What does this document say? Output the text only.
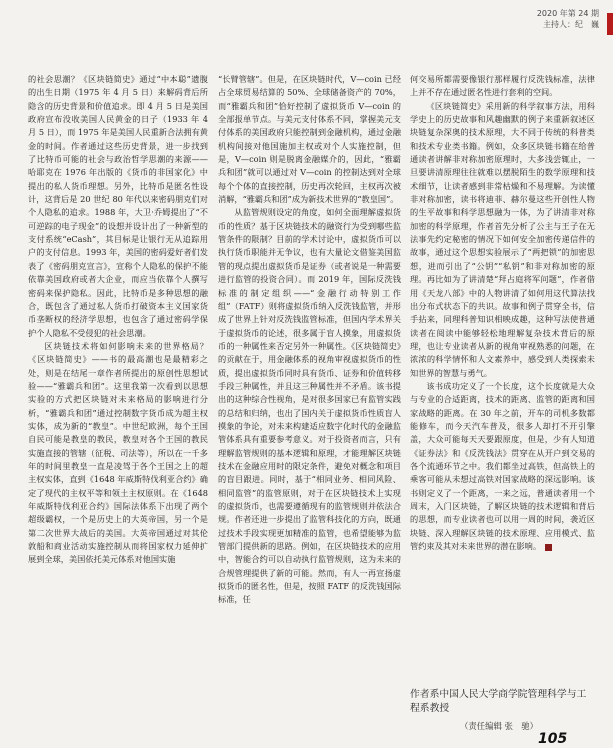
2020 年第 24 期
主持人：纪　巍

的社会思潮？《区块链简史》通过“中本聪”遗腹的出生日期（1975 年 4 月 5 日）来解码背后所隐含的历史背景和价值追求。即 4 月 5 日是美国政府宣布没收美国人民黄金的日子（1933 年 4 月 5 日），而 1975 年是美国人民重新合法拥有黄金的时间。作者通过这些历史背景，进一步找到了比特币可能的社会与政治哲学思潮的来源——哈耶克在 1976 年出版的《货币的非国家化》中提出的私人货币理想。另外，比特币是匿名性设计，这背后是 20 世纪 80 年代以来密码朋克们对个人隐私的追求。1988 年，大卫·乔姆提出了“不可逆踪的电子现金”的设想并设计出了一种新型的支付系统“eCash”，其目标是让银行无从追踪用户的支付信息。1993 年，美国的密码爱好者们发表了《密码朋克宣言》，宣称个人隐私的保护不能依靠美国政府或者大企业，而应当依靠个人撰写密码来保护隐私。因此，比特币是多种思想的融合，既包含了通过私人货币打破资本主义国家货币垄断权的经济学思想，也包含了通过密码学保护个人隐私不受侵犯的社会思潮。

区块链技术将如何影响未来的世界格局？《区块链简史》——书的最高潮也是最精彩之处，则是在结尾一章作者所提出的原创性思想试验——“雅霸兵和团”。这里我第一次看到以思想实验的方式把区块链对未来格局的影响进行分析，“雅霸兵和团”通过控制数字货币成为超主权实体，成为新的“教皇”。中世纪欧洲，每个王国自民可能是教皇的教民，教皇对各个王国的教民实施直接的管辖（征税、司法等），所以在一千多年的时间里教皇一直是凌驾于各个王国之上的超主权实体，直到《1648 年威斯特伐利亚合约》确定了现代的主权平等和领土主权原则。在《1648 年威斯特伐利亚合约》国际法体系下出现了两个超级霸权，一个是历史上的大英帝国，另一个是第二次世界大战后的美国。大英帝国通过对其伦敦船和商业活动实施控制从而将国家权力延伸扩展到全球，美国依托美元体系对他国实施

“长臂管辖”。但是，在区块链时代，V—coin 已经占全球贸易结算的 50%、全球储备资产的 70%，而“雅霸兵和团”恰好控制了虚拟货币 V—coin 的全部报单节点。与美元支付体系不同，掌握美元支付体系的美国政府只能控制到金融机构，通过金融机构间接对他国施加主权或对个人实施控制，但是，V—coin 则是脱离金融媒介的，因此，“雅霸兵和团”就可以通过对 V—coin 的控制达到对全球每个个体的直接控制，历史再次轮回，主权再次被消解，“雅霸兵和团”成为新技术世界的“教皇国”。

从监管规则设定的角度，如何全面理解虚拟货币的性质？基于区块链技术的融资行为受到哪些监管条件的限制？目前的学术讨论中，虚拟货币可以执行货币职能并无争议，也有大量论文借鉴美国监管的现点提出虚拟货币是证券（或者说是一种需要进行监管的投资合同）。而 2019 年，国际反洗钱标准的制定组织——“金融行动特别工作组”（FATF）则将虚拟货币纳入反洗钱监管，并形成了世界上针对反洗钱监管标准，但国内学术界关于虚拟货币的论述，很多属于盲人摸象，用虚拟货币的一种属性来否定另外一种属性。《区块链简史》的贡献在于，用金融体系的视角审视虚拟货币的性质，提出虚拟货币同时具有货币、证券和价值转移手段三种属性，并且这三种属性并不矛盾。该书提出的这种综合性视角，是对很多国家已有监管实践的总结和归纳，也出了国内关于虚拟货币性质盲人摸象的争论，对未来构建适应数字化时代的金融监管体系具有重要参考意义。对于投资者而言，只有理解监管规则的基本逻辑和原理，才能理解区块链技术在金融应用时的限定条件，避免对概念和项目的盲目跟进。同时，基于“相同业务、相同风险、相同监管”的监管原则，对于在区块链技术上实现的虚拟货币，也需要遵循现有的监管规则并依法合规。作者还进一步提出了监管科技化的方向，既通过技术手段实现更加精准的监管，也希望能够为监管部门提供新的思路。例如，在区块链技术的应用中，智能合约可以自动执行监管规则，这为未来的合规管理提供了新的可能。然而，有人一再宣扬虚拟货币的匿名性，但是，按照 FATF 的反洗钱国际标准，任

何交易所都需要像银行那样履行反洗钱标准，法律上并不存在通过匿名性进行套利的空间。

《区块链简史》采用新的科学叙事方法，用科学史上的历史故事和风趣幽默的例子来重新叙述区块链复杂深奥的技术原理，大不同于传统的科普类和技术专业类书籍。例如，众多区块链书籍在给普通读者讲解非对称加密原理时，大多浅尝辄止，一旦要讲清原理往往就难以摆脱陌生的数学原理和技术细节，让读者感到非常枯燥和不易理解。为读懂非对称加密，读书将迪菲、赫尔曼这些开创性人物的生平故事和科学思想融为一体，为了讲清非对称加密的科学原理，作者首先分析了公主与王子在无法事先约定秘密的情况下如何安全加密传递信件的故事，通过这个思想实验展示了“两把锁”的加密思想，进而引出了“公钥”“私钥”和非对称加密的原理。再比如为了讲清楚“拜占庭将军问题”，作者借用《天龙八部》中的人物讲清了如何用这代算法找出分布式状态下的共识。故事和例子贯穿全书，信手拈来，同理科普知识相映成趣，这种写法使普通读者在阅读中能够轻松地理解复杂技术背后的原理，也让专业读者从新的视角审视熟悉的问题，在浓浓的科学情怀和人文素养中，感受到人类探索未知世界的智慧与勇气。

该书成功定义了一个长度，这个长度就是大众与专业的合适距离，技术的距离、监管的距离和国家战略的距离。在 30 年之前，开车的司机多数都能修车，而今天汽车普及，很多人却打不开引擎盖，大众可能每天天要跟原度，但是，少有人知道《证券法》和《反洗钱法》贯穿在从开户到交易的各个流通环节之中。我们都坐过高铁，但高铁上的乘客可能从未想过高铁对国家战略的深远影响。该书则定义了一个距离，一来之远，普通读者用一个周末，入门区块链，了解区块链的技术逻辑和背后的思想，而专业读者也可以用一周的时间，袭近区块链、深入理解区块链的技术原理、应用模式、监管约束及其对未来世界的潜在影响。

作者系中国人民大学商学院管理科学与工程系教授
（责任编辑 张　驰）
105
